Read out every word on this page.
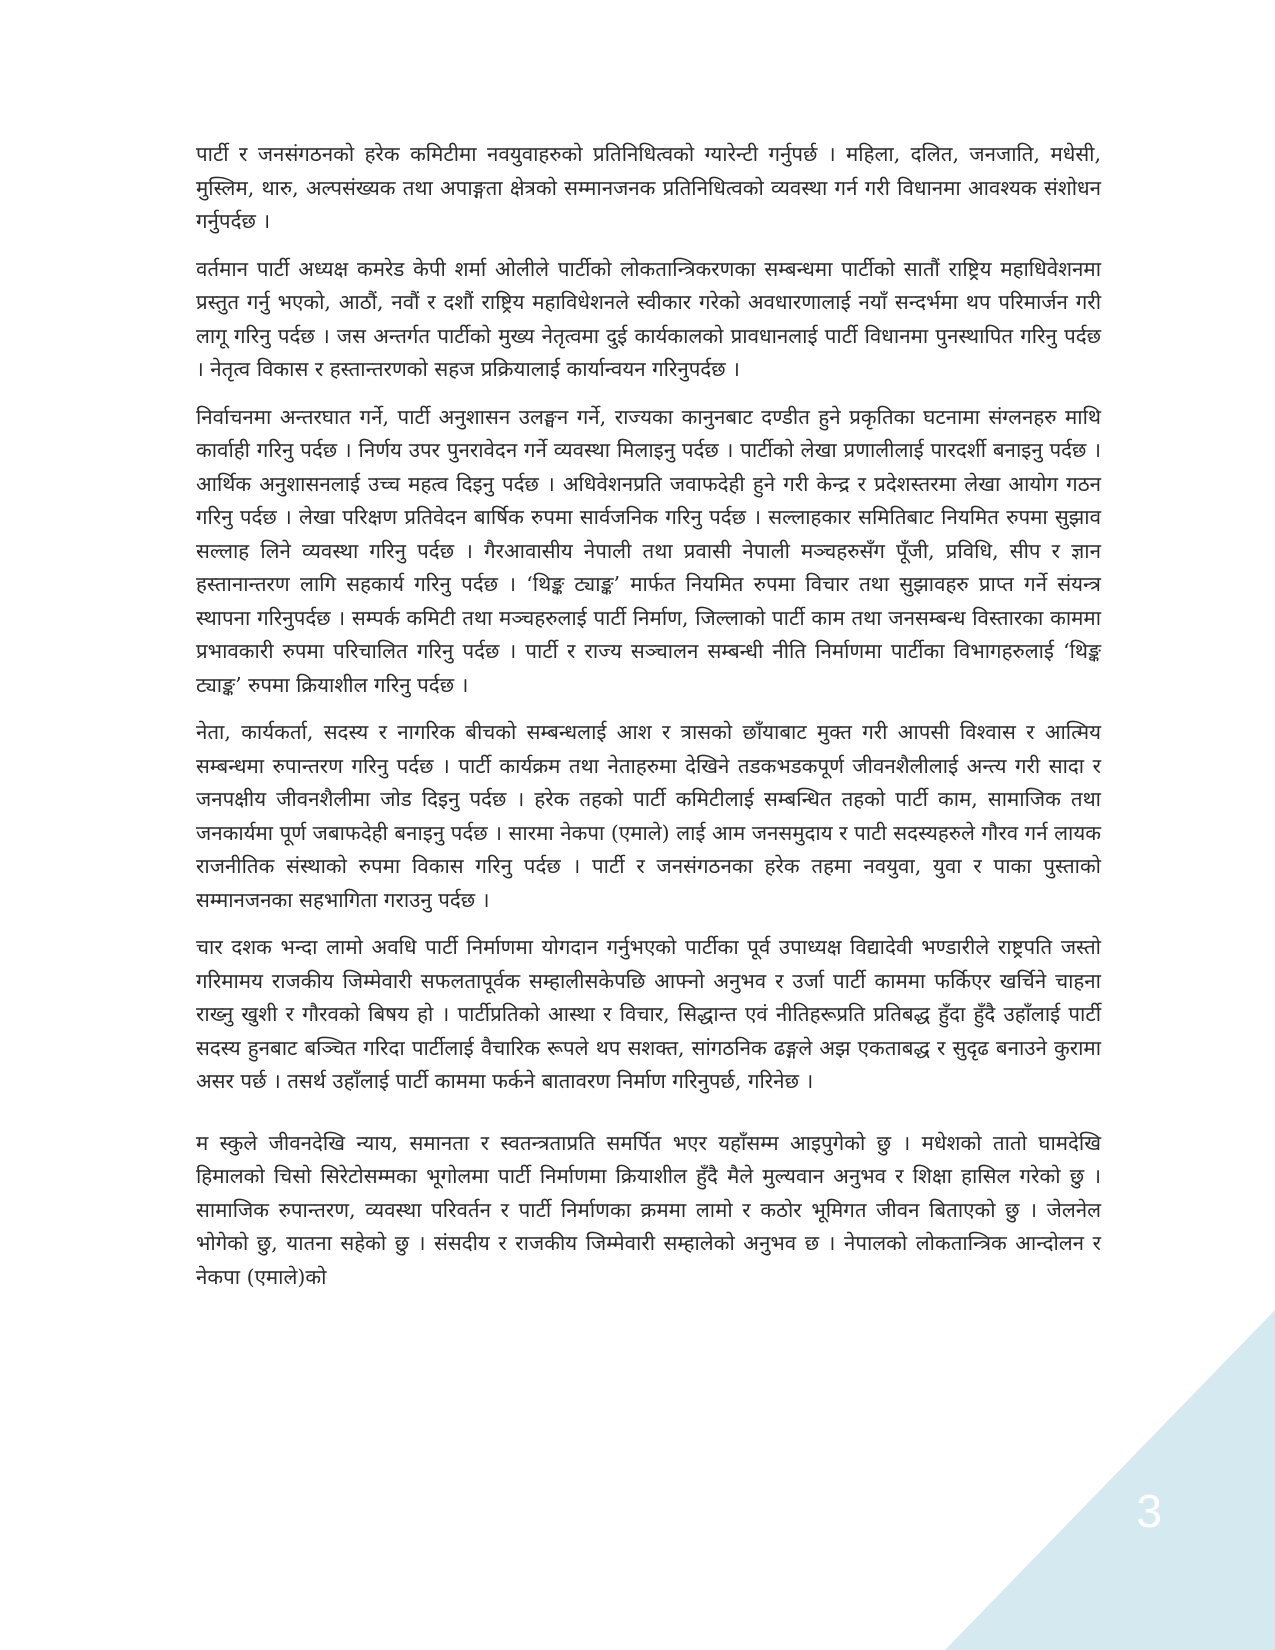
पार्टी र जनसंगठनको हरेक कमिटीमा नवयुवाहरुको प्रतिनिधित्वको ग्यारेन्टी गर्नुपर्छ । महिला, दलित, जनजाति, मधेसी, मुस्लिम, थारु, अल्पसंख्यक तथा अपाङ्गता क्षेत्रको सम्मानजनक प्रतिनिधित्वको व्यवस्था गर्न गरी विधानमा आवश्यक संशोधन गर्नुपर्दछ ।

वर्तमान पार्टी अध्यक्ष कमरेड केपी शर्मा ओलीले पार्टीको लोकतान्त्रिकरणका सम्बन्धमा पार्टीको सातौं राष्ट्रिय महाधिवेशनमा प्रस्तुत गर्नु भएको, आठौं, नवौं र दशौं राष्ट्रिय महाविधेशनले स्वीकार गरेको अवधारणालाई नयाँ सन्दर्भमा थप परिमार्जन गरी लागू गरिनु पर्दछ । जस अन्तर्गत पार्टीको मुख्य नेतृत्वमा दुई कार्यकालको प्रावधानलाई पार्टी विधानमा पुनस्थापित गरिनु पर्दछ । नेतृत्व विकास र हस्तान्तरणको सहज प्रक्रियालाई कार्यान्वयन गरिनुपर्दछ ।

निर्वाचनमा अन्तरघात गर्ने, पार्टी अनुशासन उलङ्घन गर्ने, राज्यका कानुनबाट दण्डीत हुने प्रकृतिका घटनामा संग्लनहरु माथि कार्वाही गरिनु पर्दछ । निर्णय उपर पुनरावेदन गर्ने व्यवस्था मिलाइनु पर्दछ । पार्टीको लेखा प्रणालीलाई पारदर्शी बनाइनु पर्दछ । आर्थिक अनुशासनलाई उच्च महत्व दिइनु पर्दछ । अधिवेशनप्रति जवाफदेही हुने गरी केन्द्र र प्रदेशस्तरमा लेखा आयोग गठन गरिनु पर्दछ । लेखा परिक्षण प्रतिवेदन बार्षिक रुपमा सार्वजनिक गरिनु पर्दछ । सल्लाहकार समितिबाट नियमित रुपमा सुझाव सल्लाह लिने व्यवस्था गरिनु पर्दछ । गैरआवासीय नेपाली तथा प्रवासी नेपाली मञ्चहरुसँग पूँजी, प्रविधि, सीप र ज्ञान हस्तानान्तरण लागि सहकार्य गरिनु पर्दछ । ‘थिङ्क ट्याङ्क’ मार्फत नियमित रुपमा विचार तथा सुझावहरु प्राप्त गर्ने संयन्त्र स्थापना गरिनुपर्दछ । सम्पर्क कमिटी तथा मञ्चहरुलाई पार्टी निर्माण, जिल्लाको पार्टी काम तथा जनसम्बन्ध विस्तारका काममा प्रभावकारी रुपमा परिचालित गरिनु पर्दछ । पार्टी र राज्य सञ्चालन सम्बन्धी नीति निर्माणमा पार्टीका विभागहरुलाई ‘थिङ्क ट्याङ्क’ रुपमा क्रियाशील गरिनु पर्दछ ।

नेता, कार्यकर्ता, सदस्य र नागरिक बीचको सम्बन्धलाई आश र त्रासको छाँयाबाट मुक्त गरी आपसी विश्वास र आत्मिय सम्बन्धमा रुपान्तरण गरिनु पर्दछ । पार्टी कार्यक्रम तथा नेताहरुमा देखिने तडकभडकपूर्ण जीवनशैलीलाई अन्त्य गरी सादा र जनपक्षीय जीवनशैलीमा जोड दिइनु पर्दछ । हरेक तहको पार्टी कमिटीलाई सम्बन्धित तहको पार्टी काम, सामाजिक तथा जनकार्यमा पूर्ण जबाफदेही बनाइनु पर्दछ । सारमा नेकपा (एमाले) लाई आम जनसमुदाय र पाटी सदस्यहरुले गौरव गर्न लायक राजनीतिक संस्थाको रुपमा विकास गरिनु पर्दछ । पार्टी र जनसंगठनका हरेक तहमा नवयुवा, युवा र पाका पुस्ताको सम्मानजनका सहभागिता गराउनु पर्दछ ।

चार दशक भन्दा लामो अवधि पार्टी निर्माणमा योगदान गर्नुभएको पार्टीका पूर्व उपाध्यक्ष विद्यादेवी भण्डारीले राष्ट्रपति जस्तो गरिमामय राजकीय जिम्मेवारी सफलतापूर्वक सम्हालीसकेपछि आफ्नो अनुभव र उर्जा पार्टी काममा फर्किएर खर्चिने चाहना राख्नु खुशी र गौरवको बिषय हो । पार्टीप्रतिको आस्था र विचार, सिद्धान्त एवं नीतिहरूप्रति प्रतिबद्ध हुँदा हुँदै उहाँलाई पार्टी सदस्य हुनबाट बञ्चित गरिदा पार्टीलाई वैचारिक रूपले थप सशक्त, सांगठनिक ढङ्गले अझ एकताबद्ध र सुदृढ बनाउने कुरामा असर पर्छ । तसर्थ उहाँलाई पार्टी काममा फर्कने बातावरण निर्माण गरिनुपर्छ, गरिनेछ ।

म स्कुले जीवनदेखि न्याय, समानता र स्वतन्त्रताप्रति समर्पित भएर यहाँसम्म आइपुगेको छु । मधेशको तातो घामदेखि हिमालको चिसो सिरेटोसम्मका भूगोलमा पार्टी निर्माणमा क्रियाशील हुँदै मैले मुल्यवान अनुभव र शिक्षा हासिल गरेको छु । सामाजिक रुपान्तरण, व्यवस्था परिवर्तन र पार्टी निर्माणका क्रममा लामो र कठोर भूमिगत जीवन बिताएको छु । जेलनेल भोगेको छु, यातना सहेको छु । संसदीय र राजकीय जिम्मेवारी सम्हालेको अनुभव छ । नेपालको लोकतान्त्रिक आन्दोलन र नेकपा (एमाले)को

3
